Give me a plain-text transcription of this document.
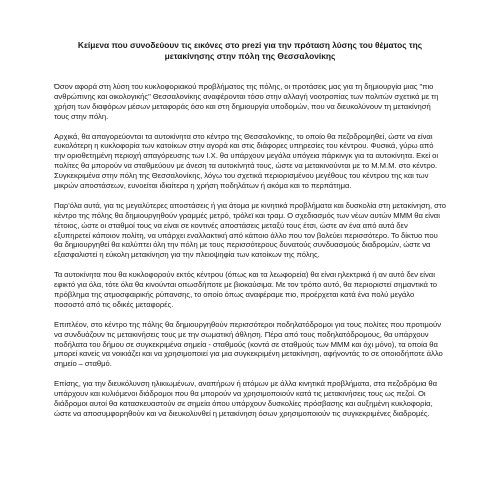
Κείμενα που συνοδεύουν τις εικόνες στο prezi για την πρόταση λύσης του θέματος της μετακίνησης στην πόλη της Θεσσαλονίκης

Όσον αφορά στη λύση του κυκλοφοριακού προβλήματος της πόλης, οι προτάσεις μας για τη δημιουργία μιας "πιο ανθρώπινης και οικολογικής" Θεσσαλονίκης αναφέρονται τόσο στην αλλαγή νοοτροπίας των πολιτών σχετικά με τη χρήση των διαφόρων μέσων μεταφοράς όσο και στη δημιουργία υποδομών, που να διευκολύνουν τη μετακίνησή τους στην πόλη.

Αρχικά, θα απαγορεύονται τα αυτοκίνητα στο κέντρο της Θεσσαλονίκης, το οποίο θα πεζοδρομηθεί, ώστε να είναι ευκολότερη η κυκλοφορία των κατοίκων στην αγορά και στις διάφορες υπηρεσίες του κέντρου. Φυσικά, γύρω από την οριοθετημένη περιοχή απαγόρευσης των Ι.Χ. θα υπάρχουν μεγάλα υπόγεια πάρκινγκ για τα αυτοκίνητα. Εκεί οι πολίτες θα μπορούν να σταθμεύουν με άνεση τα αυτοκίνητά τους, ώστε να μετακινούνται με το Μ.Μ.Μ. στο κέντρο. Συγκεκριμένα στην πόλη της Θεσσαλονίκης, λόγω του σχετικά περιορισμένου μεγέθους του κέντρου της και των μικρών αποστάσεων, ευνοείται ιδιαίτερα η χρήση ποδηλάτων ή ακόμα και το περπάτημα.

Παρ'όλα αυτά, για τις μεγαλύτερες αποστάσεις ή για άτομα με κινητικά προβλήματα και δυσκολία στη μετακίνηση, στο κέντρο της πόλης θα δημιουργηθούν γραμμές μετρό, τρόλεϊ και τραμ. Ο σχεδιασμός των νέων αυτών ΜΜΜ θα είναι τέτοιος, ώστε οι σταθμοί τους να είναι σε κοντινές αποστάσεις μεταξύ τους έτσι, ώστε αν ένα από αυτά δεν εξυπηρετεί κάποιον πολίτη, να υπάρχει εναλλακτική από κάποιο άλλο που τον βολεύει περισσότερο. Το δίκτυο που θα δημιουργηθεί θα καλύπτει όλη την πόλη με τους περισσότερους δυνατούς συνδυασμούς διαδρομών, ώστε να εξασφαλιστεί η εύκολη μετακίνηση για την πλειοψηφία των κατοίκων της πόλης.

Τα αυτοκίνητα που θα κυκλοφορούν εκτός κέντρου (όπως και τα λεωφορεία) θα είναι ηλεκτρικά ή αν αυτό δεν είναι εφικτό για όλα, τότε όλα θα κινούνται οπωσδήποτε με βιοκαύσιμα. Με τον τρόπο αυτό, θα περιοριστεί σημαντικά το πρόβλημα της ατμοσφαιρικής ρύπανσης, το οποίο όπως αναφέραμε πιο, προέρχεται κατά ένα πολύ μεγάλο ποσοστό από τις οδικές μεταφορές.

Επιπλέον, στο κέντρο της πόλης θα δημιουργηθούν περισσότεροι ποδηλατόδρομοι για τους πολίτες που προτιμούν να συνδυάζουν τις μετακινήσεις τους με την σωματική άθληση. Πέρα από τους ποδηλατόδρομους, θα υπάρχουν ποδήλατα του δήμου σε συγκεκριμένα σημεία - σταθμούς (κοντά σε σταθμούς των ΜΜΜ και όχι μόνο), τα οποία θα μπορεί κανείς να νοικιάζει και να χρησιμοποιεί για μια συγκεκριμένη μετακίνηση, αφήνοντάς το σε οποιοδήποτε άλλο σημείο – σταθμό.

Επίσης, για την διευκόλυνση ηλικιωμένων, αναπήρων ή ατόμων με άλλα κινητικά προβλήματα, στα πεζοδρόμια θα υπάρχουν και κυλιόμενοι διάδρομοι που θα μπορούν να χρησιμοποιούν κατά τις μετακινήσεις τους ως πεζοί. Οι διάδρομοι αυτοί θα κατασκευαστούν σε σημεία όπου υπάρχουν δυσκολίες πρόσβασης και αυξημένη κυκλοφορία, ώστε να αποσυμφορηθούν και να διευκολυνθεί η μετακίνηση όσων χρησιμοποιούν τις συγκεκριμένες διαδρομές.
